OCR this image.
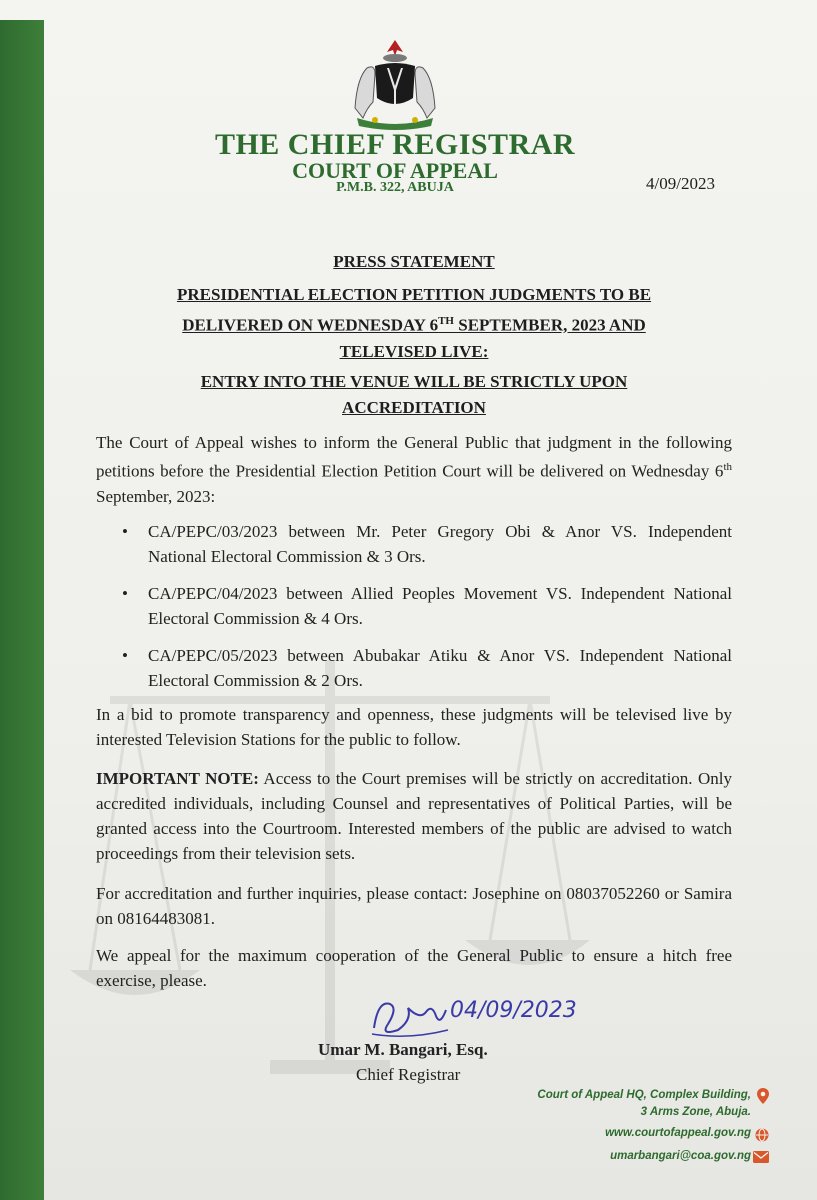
THE CHIEF REGISTRAR
COURT OF APPEAL
P.M.B. 322, ABUJA	4/09/2023
PRESS STATEMENT
PRESIDENTIAL ELECTION PETITION JUDGMENTS TO BE
DELIVERED ON WEDNESDAY 6TH SEPTEMBER, 2023 AND
TELEVISED LIVE:
ENTRY INTO THE VENUE WILL BE STRICTLY UPON
ACCREDITATION
The Court of Appeal wishes to inform the General Public that judgment in the following petitions before the Presidential Election Petition Court will be delivered on Wednesday 6th September, 2023:
• CA/PEPC/03/2023 between Mr. Peter Gregory Obi & Anor VS. Independent National Electoral Commission & 3 Ors.
• CA/PEPC/04/2023 between Allied Peoples Movement VS. Independent National Electoral Commission & 4 Ors.
• CA/PEPC/05/2023 between Abubakar Atiku & Anor VS. Independent National Electoral Commission & 2 Ors.
In a bid to promote transparency and openness, these judgments will be televised live by interested Television Stations for the public to follow.
IMPORTANT NOTE: Access to the Court premises will be strictly on accreditation. Only accredited individuals, including Counsel and representatives of Political Parties, will be granted access into the Courtroom. Interested members of the public are advised to watch proceedings from their television sets.
For accreditation and further inquiries, please contact: Josephine on 08037052260 or Samira on 08164483081.
We appeal for the maximum cooperation of the General Public to ensure a hitch free exercise, please.
04/09/2023
Umar M. Bangari, Esq.
Chief Registrar
Court of Appeal HQ, Complex Building,
3 Arms Zone, Abuja.
www.courtofappeal.gov.ng
umarbangari@coa.gov.ng
